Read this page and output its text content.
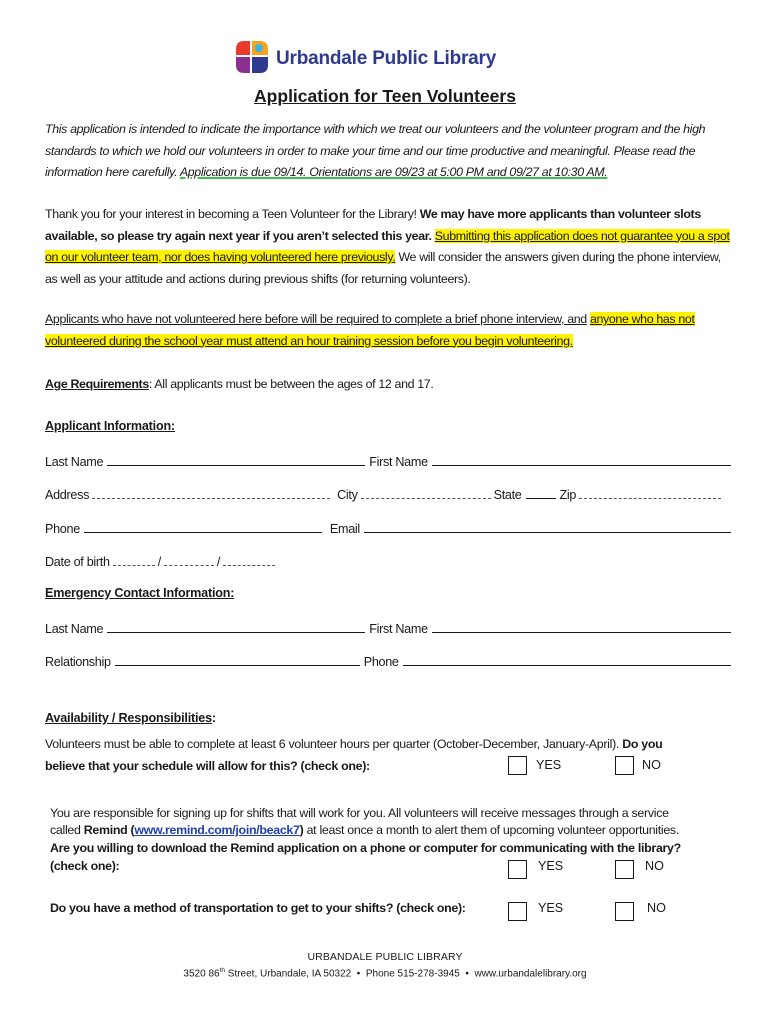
Urbandale Public Library
Application for Teen Volunteers
This application is intended to indicate the importance with which we treat our volunteers and the volunteer program and the high standards to which we hold our volunteers in order to make your time and our time productive and meaningful. Please read the information here carefully. Application is due 09/14. Orientations are 09/23 at 5:00 PM and 09/27 at 10:30 AM.
Thank you for your interest in becoming a Teen Volunteer for the Library! We may have more applicants than volunteer slots available, so please try again next year if you aren’t selected this year. Submitting this application does not guarantee you a spot on our volunteer team, nor does having volunteered here previously. We will consider the answers given during the phone interview, as well as your attitude and actions during previous shifts (for returning volunteers).
Applicants who have not volunteered here before will be required to complete a brief phone interview, and anyone who has not volunteered during the school year must attend an hour training session before you begin volunteering.
Age Requirements: All applicants must be between the ages of 12 and 17.
Applicant Information:
Last Name	First Name
Address	City	State	Zip
Phone	Email
Date of birth	/	/
Emergency Contact Information:
Last Name	First Name
Relationship	Phone
Availability / Responsibilities:
Volunteers must be able to complete at least 6 volunteer hours per quarter (October-December, January-April). Do you
believe that your schedule will allow for this? (check one):	YES	NO
You are responsible for signing up for shifts that will work for you. All volunteers will receive messages through a service
called Remind (www.remind.com/join/beack7) at least once a month to alert them of upcoming volunteer opportunities.
Are you willing to download the Remind application on a phone or computer for communicating with the library?
(check one):	YES	NO
Do you have a method of transportation to get to your shifts? (check one):	YES	NO
URBANDALE PUBLIC LIBRARY
3520 86th Street, Urbandale, IA 50322 • Phone 515-278-3945 • www.urbandalelibrary.org
